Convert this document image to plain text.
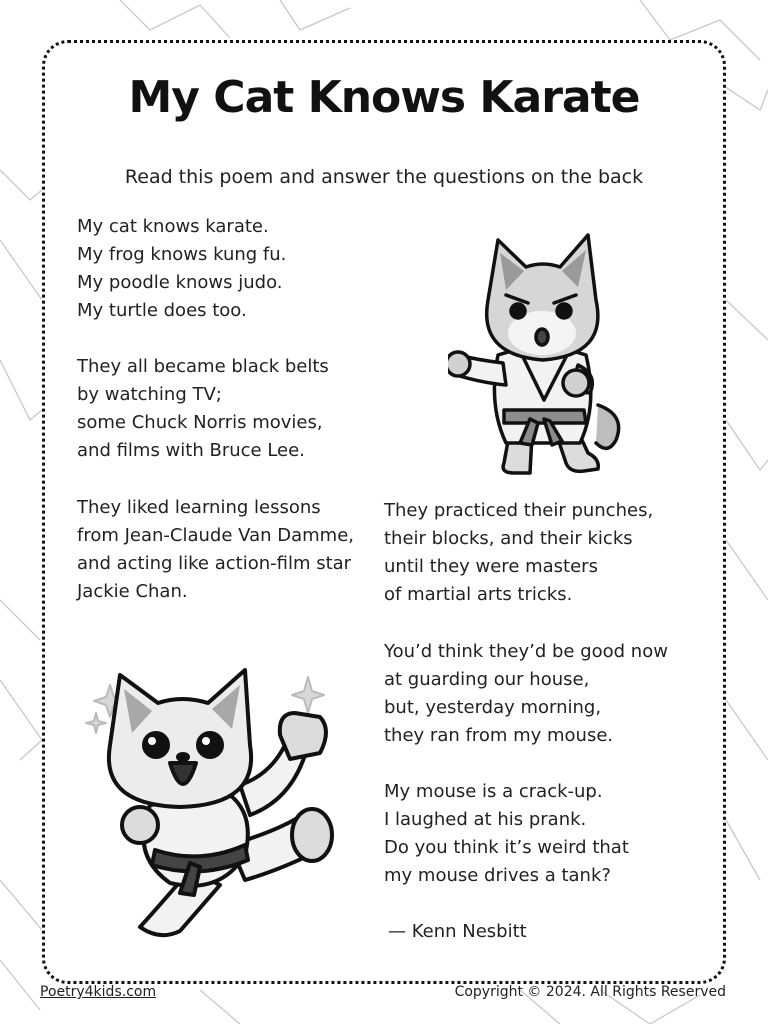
My Cat Knows Karate

Read this poem and answer the questions on the back

My cat knows karate.
My frog knows kung fu.
My poodle knows judo.
My turtle does too.
They all became black belts
by watching TV;
some Chuck Norris movies,
and films with Bruce Lee.
They liked learning lessons
from Jean-Claude Van Damme,
and acting like action-film star
Jackie Chan.
They practiced their punches,
their blocks, and their kicks
until they were masters
of martial arts tricks.
You’d think they’d be good now
at guarding our house,
but, yesterday morning,
they ran from my mouse.
My mouse is a crack-up.
I laughed at his prank.
Do you think it’s weird that
my mouse drives a tank?
— Kenn Nesbitt
Poetry4kids.com	Copyright © 2024. All Rights Reserved
